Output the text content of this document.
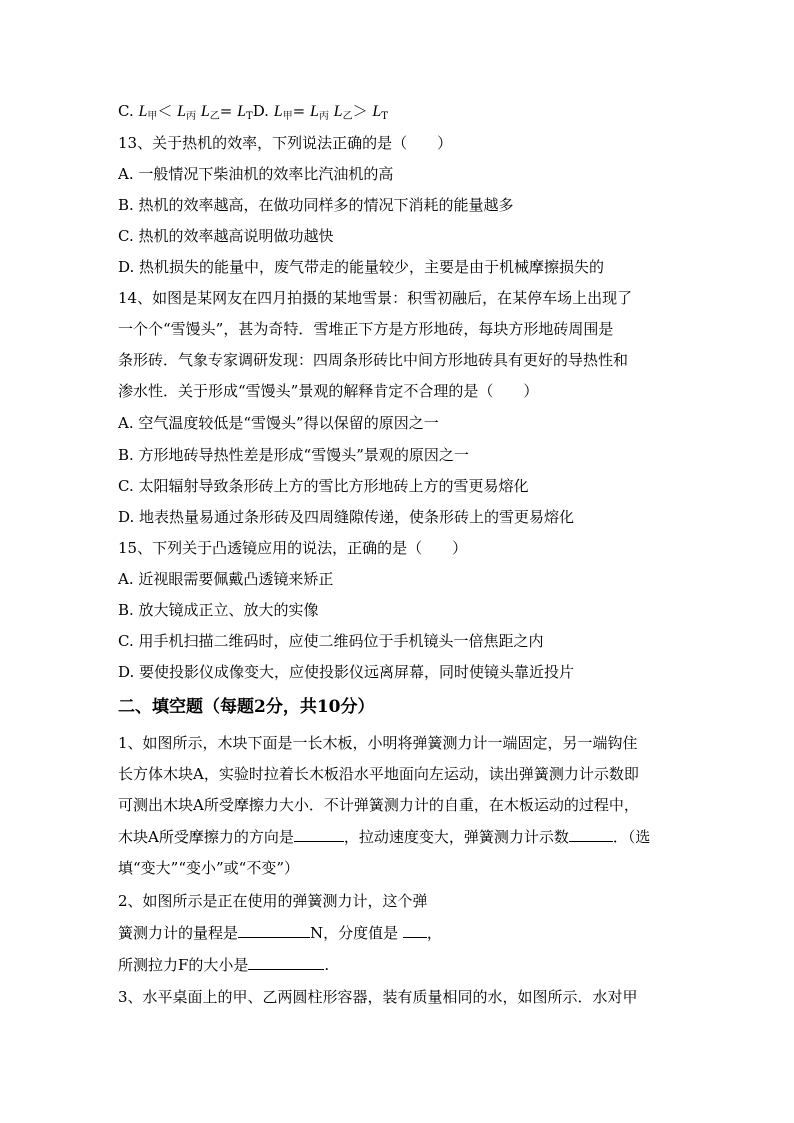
C. $L_甲< L_丙$ $L_乙= L_TD$. $L_甲= L_丙$ $L_乙> L_T$
13、关于热机的效率，下列说法正确的是（　　）
A. 一般情况下柴油机的效率比汽油机的高
B. 热机的效率越高，在做功同样多的情况下消耗的能量越多
C. 热机的效率越高说明做功越快
D. 热机损失的能量中，废气带走的能量较少，主要是由于机械摩擦损失的
14、如图是某网友在四月拍摄的某地雪景：积雪初融后，在某停车场上出现了
一个个“雪馒头”，甚为奇特．雪堆正下方是方形地砖，每块方形地砖周围是
条形砖．气象专家调研发现：四周条形砖比中间方形地砖具有更好的导热性和
渗水性．关于形成“雪馒头”景观的解释肯定不合理的是（　　）
A. 空气温度较低是“雪馒头”得以保留的原因之一
B. 方形地砖导热性差是形成“雪馒头”景观的原因之一
C. 太阳辐射导致条形砖上方的雪比方形地砖上方的雪更易熔化
D. 地表热量易通过条形砖及四周缝隙传递，使条形砖上的雪更易熔化
15、下列关于凸透镜应用的说法，正确的是（　　）
A. 近视眼需要佩戴凸透镜来矫正
B. 放大镜成正立、放大的实像
C. 用手机扫描二维码时，应使二维码位于手机镜头一倍焦距之内
D. 要使投影仪成像变大，应使投影仪远离屏幕，同时使镜头靠近投片
二、填空题（每题2分，共10分）
1、如图所示，木块下面是一长木板，小明将弹簧测力计一端固定，另一端钩住
长方体木块A，实验时拉着长木板沿水平地面向左运动，读出弹簧测力计示数即
可测出木块A所受摩擦力大小．不计弹簧测力计的自重，在木板运动的过程中，
木块A所受摩擦力的方向是	，拉动速度变大，弹簧测力计示数	．（选
填“变大”“变小”或“不变”）
2、如图所示是正在使用的弹簧测力计，这个弹
簧测力计的量程是	N，分度值是 ，
所测拉力F的大小是	.
3、水平桌面上的甲、乙两圆柱形容器，装有质量相同的水，如图所示．水对甲
